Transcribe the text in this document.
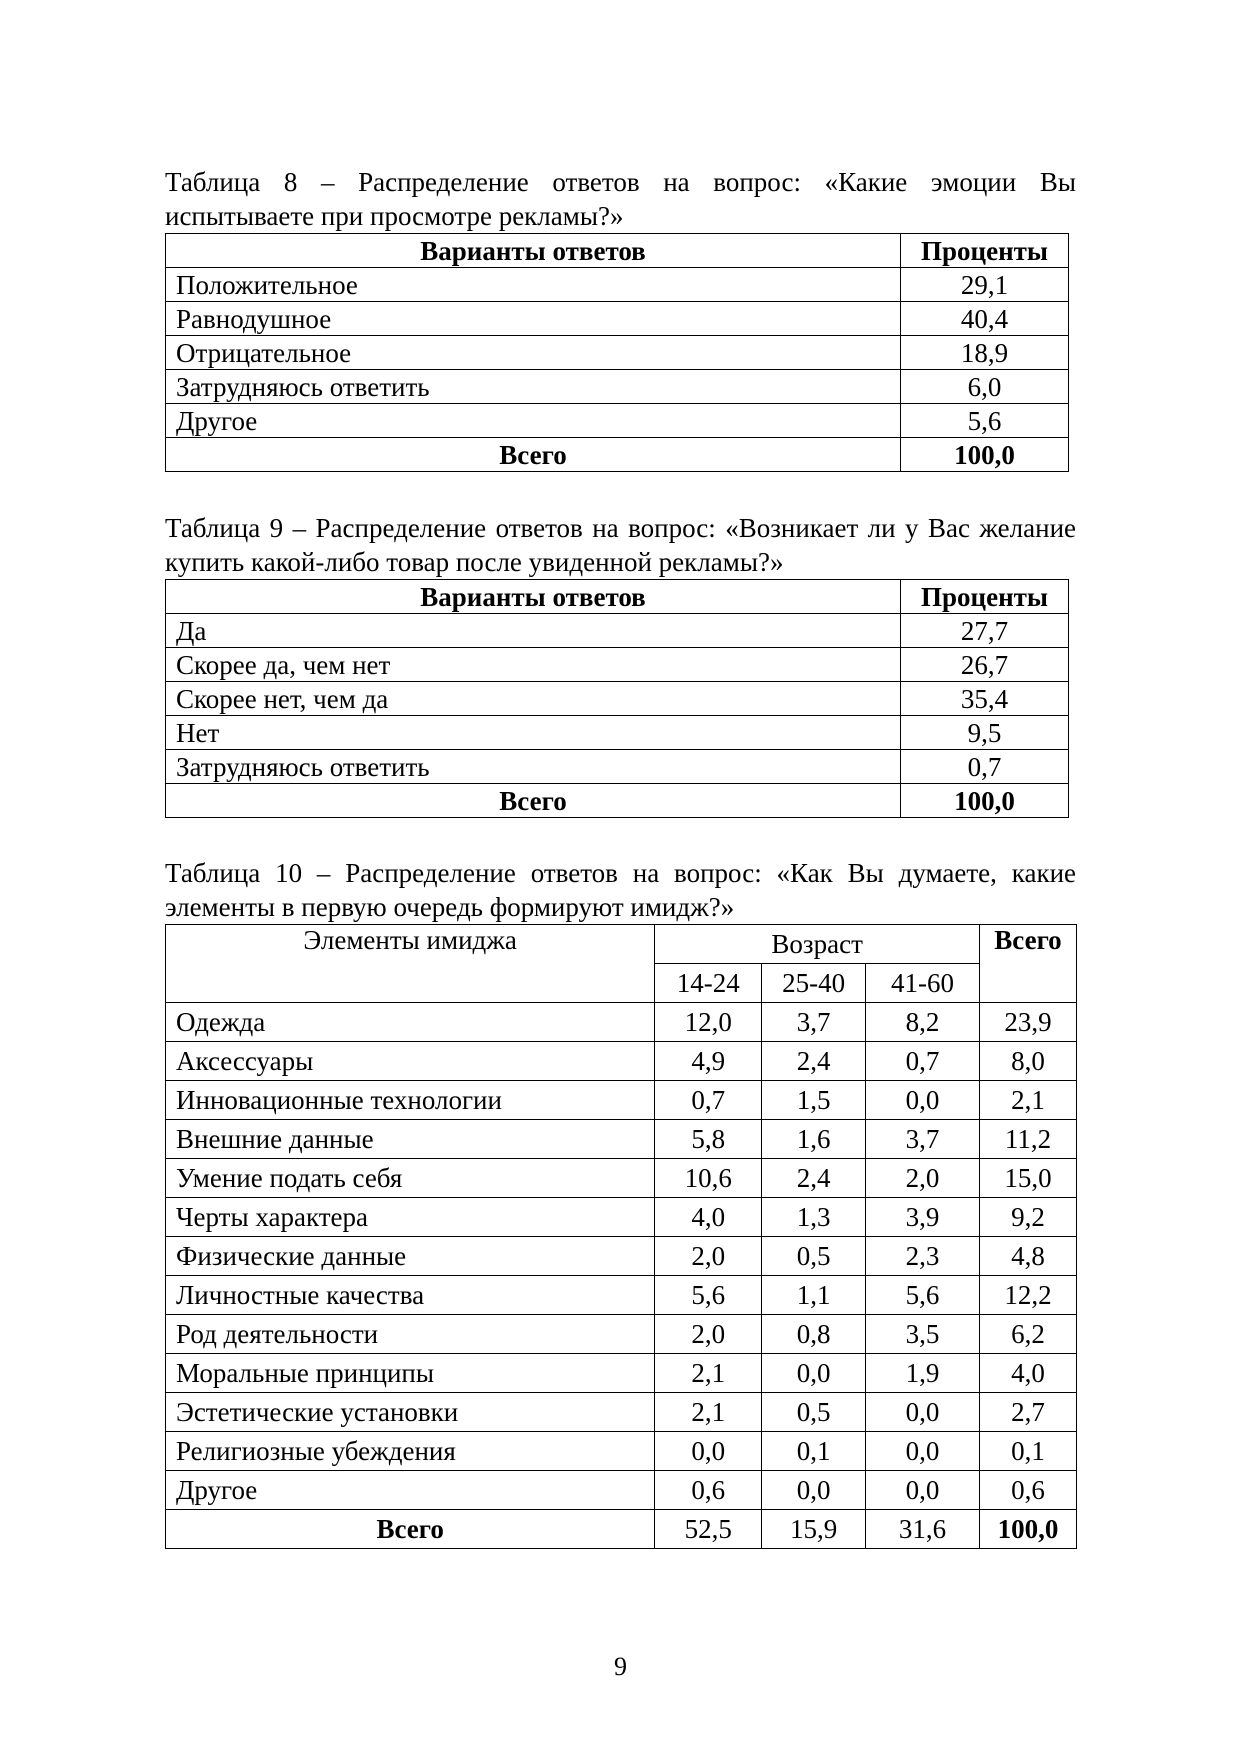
Таблица 8 – Распределение ответов на вопрос: «Какие эмоции Вы испытываете при просмотре рекламы?»

Варианты ответов	Проценты
Положительное	29,1
Равнодушное	40,4
Отрицательное	18,9
Затрудняюсь ответить	6,0
Другое	5,6
Всего	100,0

Таблица 9 – Распределение ответов на вопрос: «Возникает ли у Вас желание купить какой-либо товар после увиденной рекламы?»

Варианты ответов	Проценты
Да	27,7
Скорее да, чем нет	26,7
Скорее нет, чем да	35,4
Нет	9,5
Затрудняюсь ответить	0,7
Всего	100,0

Таблица 10 – Распределение ответов на вопрос: «Как Вы думаете, какие элементы в первую очередь формируют имидж?»

Элементы имиджа	Возраст			Всего
	14-24	25-40	41-60	
Одежда	12,0	3,7	8,2	23,9
Аксессуары	4,9	2,4	0,7	8,0
Инновационные технологии	0,7	1,5	0,0	2,1
Внешние данные	5,8	1,6	3,7	11,2
Умение подать себя	10,6	2,4	2,0	15,0
Черты характера	4,0	1,3	3,9	9,2
Физические данные	2,0	0,5	2,3	4,8
Личностные качества	5,6	1,1	5,6	12,2
Род деятельности	2,0	0,8	3,5	6,2
Моральные принципы	2,1	0,0	1,9	4,0
Эстетические установки	2,1	0,5	0,0	2,7
Религиозные убеждения	0,0	0,1	0,0	0,1
Другое	0,6	0,0	0,0	0,6
Всего	52,5	15,9	31,6	100,0
9
